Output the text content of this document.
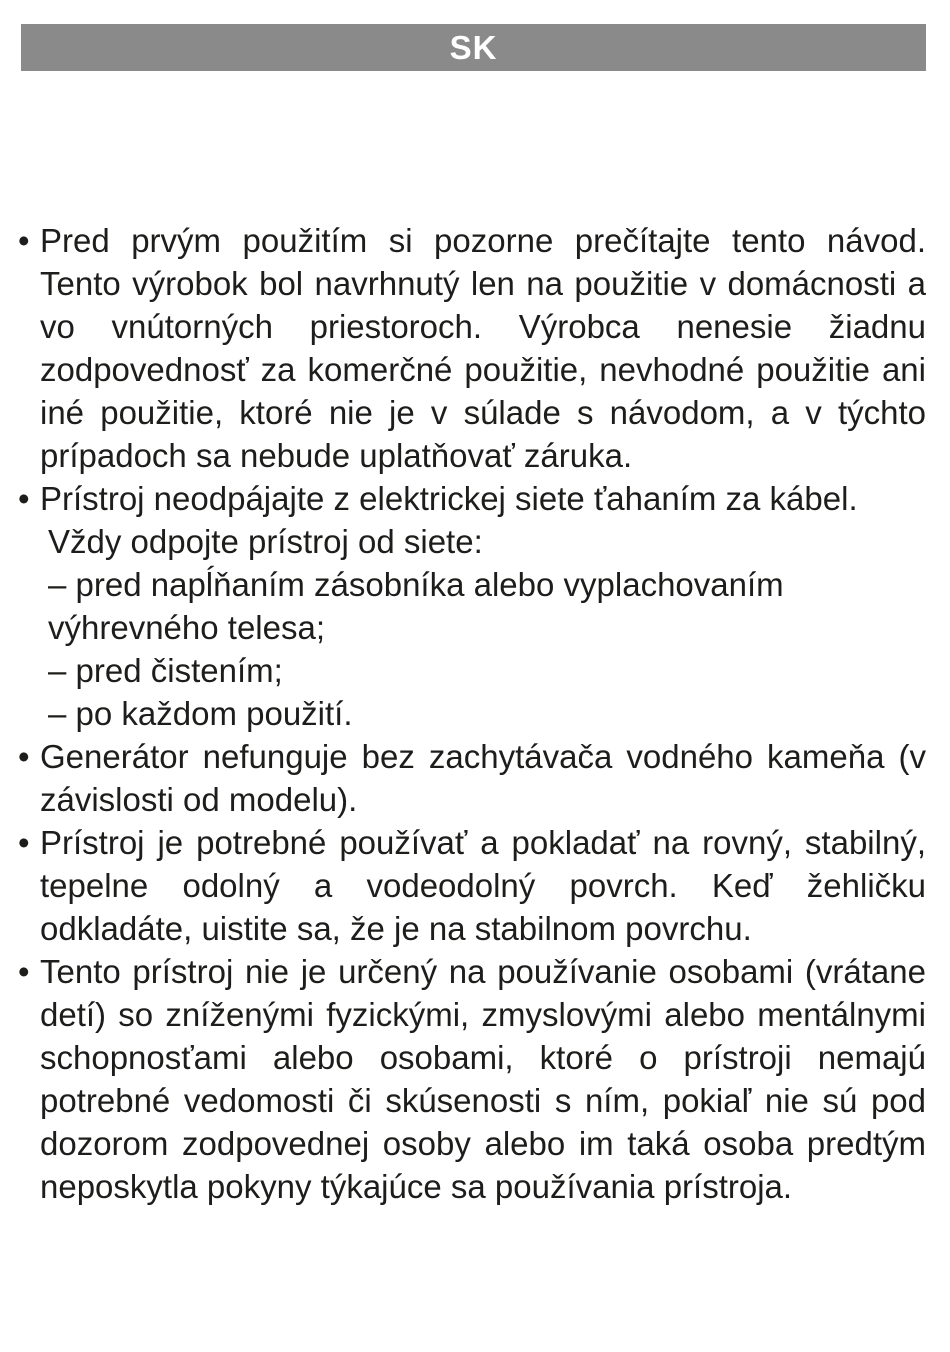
SK
• Pred prvým použitím si pozorne prečítajte tento návod. Tento výrobok bol navrhnutý len na použitie v domácnosti a vo vnútorných priestoroch. Výrobca nenesie žiadnu zodpovednosť za komerčné použitie, nevhodné použitie ani iné použitie, ktoré nie je v súlade s návodom, a v týchto prípadoch sa nebude uplatňovať záruka.
• Prístroj neodpájajte z elektrickej siete ťahaním za kábel.
Vždy odpojte prístroj od siete:
– pred napĺňaním zásobníka alebo vyplachovaním
výhrevného telesa;
– pred čistením;
– po každom použití.
• Generátor nefunguje bez zachytávača vodného kameňa (v závislosti od modelu).
• Prístroj je potrebné používať a pokladať na rovný, stabilný, tepelne odolný a vodeodolný povrch. Keď žehličku odkladáte, uistite sa, že je na stabilnom povrchu.
• Tento prístroj nie je určený na používanie osobami (vrátane detí) so zníženými fyzickými, zmyslovými alebo mentálnymi schopnosťami alebo osobami, ktoré o prístroji nemajú potrebné vedomosti či skúsenosti s ním, pokiaľ nie sú pod dozorom zodpovednej osoby alebo im taká osoba predtým neposkytla pokyny týkajúce sa používania prístroja.
